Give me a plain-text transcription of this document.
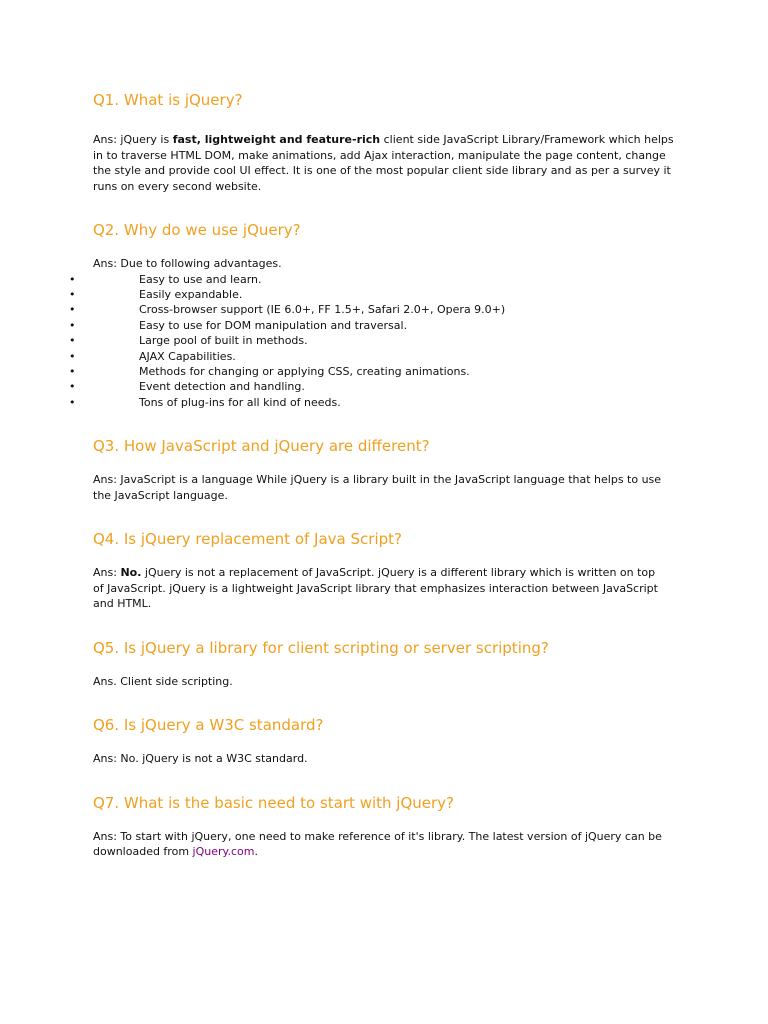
Q1. What is jQuery?

Ans: jQuery is fast, lightweight and feature-rich client side JavaScript Library/Framework which helps in to traverse HTML DOM, make animations, add Ajax interaction, manipulate the page content, change the style and provide cool UI effect. It is one of the most popular client side library and as per a survey it runs on every second website.

Q2. Why do we use jQuery?

Ans: Due to following advantages.

•	Easy to use and learn.
•	Easily expandable.
•	Cross-browser support (IE 6.0+, FF 1.5+, Safari 2.0+, Opera 9.0+)
•	Easy to use for DOM manipulation and traversal.
•	Large pool of built in methods.
•	AJAX Capabilities.
•	Methods for changing or applying CSS, creating animations.
•	Event detection and handling.
•	Tons of plug-ins for all kind of needs.
Q3. How JavaScript and jQuery are different?

Ans: JavaScript is a language While jQuery is a library built in the JavaScript language that helps to use the JavaScript language.

Q4. Is jQuery replacement of Java Script?

Ans: No. jQuery is not a replacement of JavaScript. jQuery is a different library which is written on top of JavaScript. jQuery is a lightweight JavaScript library that emphasizes interaction between JavaScript and HTML.

Q5. Is jQuery a library for client scripting or server scripting?

Ans. Client side scripting.

Q6. Is jQuery a W3C standard?

Ans: No. jQuery is not a W3C standard.

Q7. What is the basic need to start with jQuery?

Ans: To start with jQuery, one need to make reference of it's library. The latest version of jQuery can be downloaded from jQuery.com.
